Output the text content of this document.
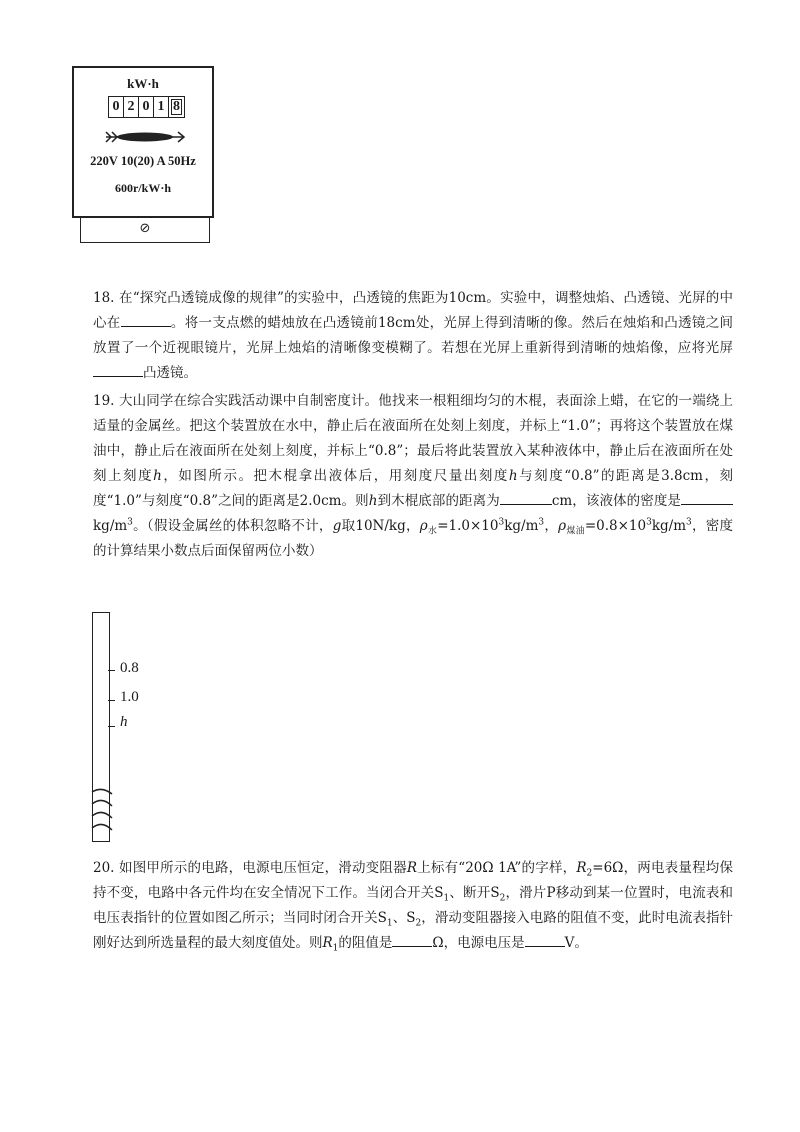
kW·h
0 2 0 1 8
220V 10(20) A 50Hz
600r/kW·h
⊘
18. 在“探究凸透镜成像的规律”的实验中，凸透镜的焦距为10cm。实验中，调整烛焰、凸透镜、光屏的中心在	。将一支点燃的蜡烛放在凸透镜前18cm处，光屏上得到清晰的像。然后在烛焰和凸透镜之间放置了一个近视眼镜片，光屏上烛焰的清晰像变模糊了。若想在光屏上重新得到清晰的烛焰像，应将光屏凸透镜。
19. 大山同学在综合实践活动课中自制密度计。他找来一根粗细均匀的木棍，表面涂上蜡，在它的一端绕上适量的金属丝。把这个装置放在水中，静止后在液面所在处刻上刻度，并标上“1.0”；再将这个装置放在煤油中，静止后在液面所在处刻上刻度，并标上“0.8”；最后将此装置放入某种液体中，静止后在液面所在处刻上刻度h，如图所示。把木棍拿出液体后，用刻度尺量出刻度h与刻度“0.8”的距离是3.8cm，刻度“1.0”与刻度“0.8”之间的距离是2.0cm。则h到木棍底部的距离为	cm，该液体的密度是$kg/m^3$。（假设金属丝的体积忽略不计，g取10N/kg，$\rho_水=1.0\times 10^3kg/m^3$，$\rho_{煤油}=0.8\times 10^3kg/m^3$，密度的计算结果小数点后面保留两位小数）
0.8
1.0
h
20. 如图甲所示的电路，电源电压恒定，滑动变阻器R上标有“20Ω 1A”的字样，$R_2=6\Omega$，两电表量程均保持不变，电路中各元件均在安全情况下工作。当闭合开关$S_1$、断开$S_2$，滑片P移动到某一位置时，电流表和电压表指针的位置如图乙所示；当同时闭合开关$S_1$、$S_2$，滑动变阻器接入电路的阻值不变，此时电流表指针刚好达到所选量程的最大刻度值处。则$R_1$的阻值是	Ω，电源电压是	V。
